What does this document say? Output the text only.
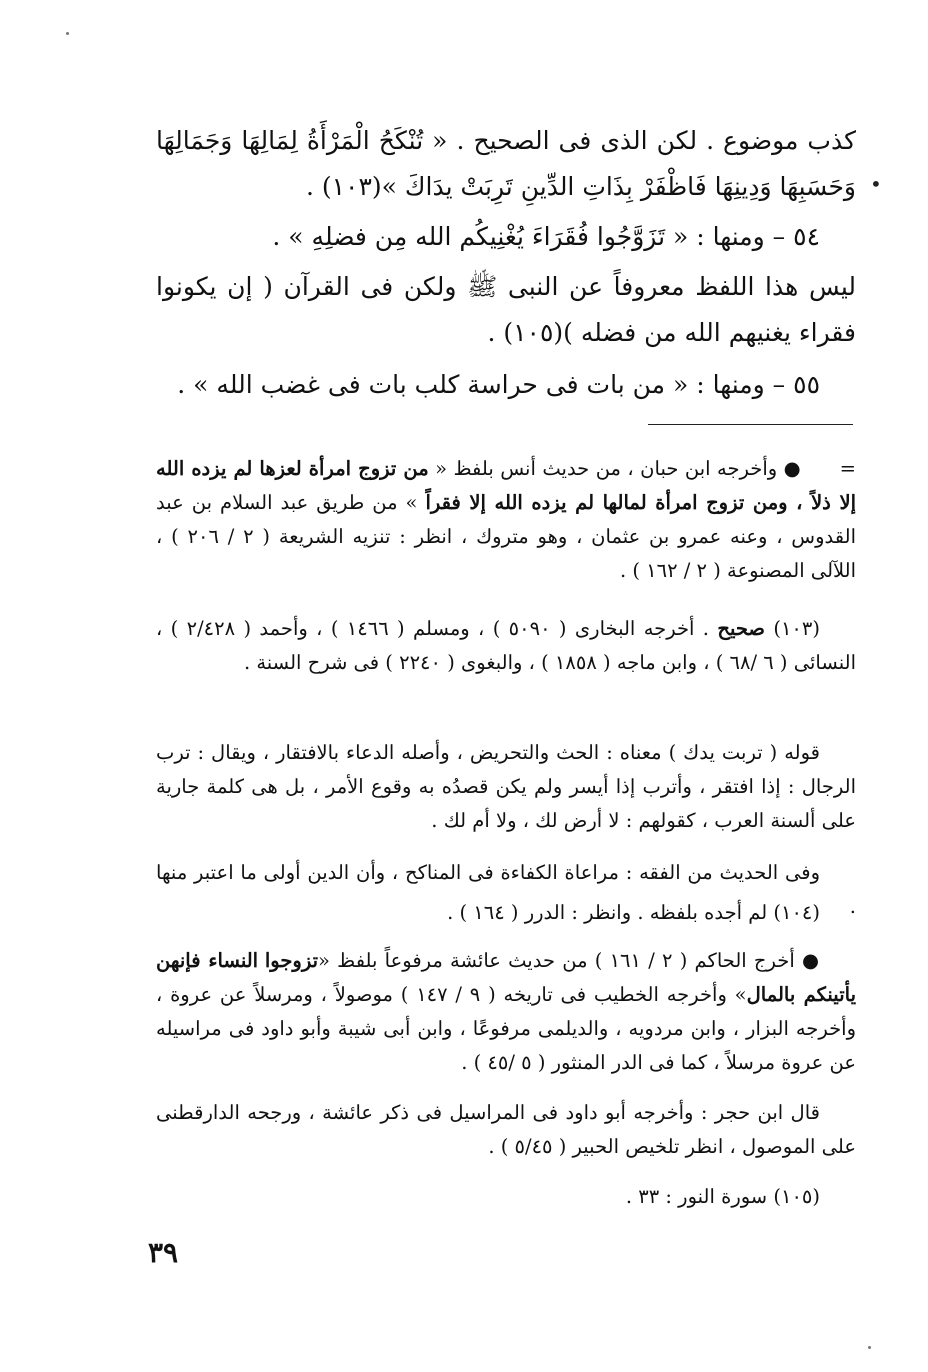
كذب موضوع . لكن الذى فى الصحيح . « تُنْكَحُ الْمَرْأَةُ لِمَالِهَا وَجَمَالِهَا وَحَسَبِهَا وَدِينِهَا فَاظْفَرْ بِذَاتِ الدِّينِ تَرِبَتْ يدَاكَ »(١٠٣) . •

٥٤ – ومنها : « تَزَوَّجُوا فُقَرَاءَ يُغْنِيكُم الله مِن فضلِهِ » .

ليس هذا اللفظ معروفاً عن النبى ﷺ ولكن فى القرآن ( إن يكونوا فقراء يغنيهم الله من فضله )(١٠٥) .

٥٥ – ومنها : « من بات فى حراسة كلب بات فى غضب الله » .

=      ● وأخرجه ابن حبان ، من حديث أنس بلفظ « من تزوج امرأة لعزها لم يزده الله إلا ذلاً ، ومن تزوج امرأة لمالها لم يزده الله إلا فقراً » من طريق عبد السلام بن عبد القدوس ، وعنه عمرو بن عثمان ، وهو متروك ، انظر : تنزيه الشريعة ( ٢ / ٢٠٦ ) ، اللآلى المصنوعة ( ٢ / ١٦٢ ) .

(١٠٣) صحيح . أخرجه البخارى ( ٥٠٩٠ ) ، ومسلم ( ١٤٦٦ ) ، وأحمد ( ٢/٤٢٨ ) ، النسائى ( ٦ /٦٨ ) ، وابن ماجه ( ١٨٥٨ ) ، والبغوى ( ٢٢٤٠ ) فى شرح السنة .

قوله ( تربت يدك ) معناه : الحث والتحريض ، وأصله الدعاء بالافتقار ، ويقال : ترب الرجال : إذا افتقر ، وأترب إذا أيسر ولم يكن قصدُه به وقوع الأمر ، بل هى كلمة جارية على ألسنة العرب ، كقولهم : لا أرض لك ، ولا أم لك .

وفى الحديث من الفقه : مراعاة الكفاءة فى المناكح ، وأن الدين أولى ما اعتبر منها .

(١٠٤) لم أجده بلفظه . وانظر : الدرر ( ١٦٤ ) .

● أخرج الحاكم ( ٢ / ١٦١ ) من حديث عائشة مرفوعاً بلفظ «تزوجوا النساء فإنهن يأتينكم بالمال» وأخرجه الخطيب فى تاريخه ( ٩ / ١٤٧ ) موصولاً ، ومرسلاً عن عروة ، وأخرجه البزار ، وابن مردويه ، والديلمى مرفوعًا ، وابن أبى شيبة وأبو داود فى مراسيله عن عروة مرسلاً ، كما فى الدر المنثور ( ٥ /٤٥ ) .

قال ابن حجر : وأخرجه أبو داود فى المراسيل فى ذكر عائشة ، ورجحه الدارقطنى على الموصول ، انظر تلخيص الحبير ( ٥/٤٥ ) .

(١٠٥) سورة النور : ٣٣ .

٣٩
